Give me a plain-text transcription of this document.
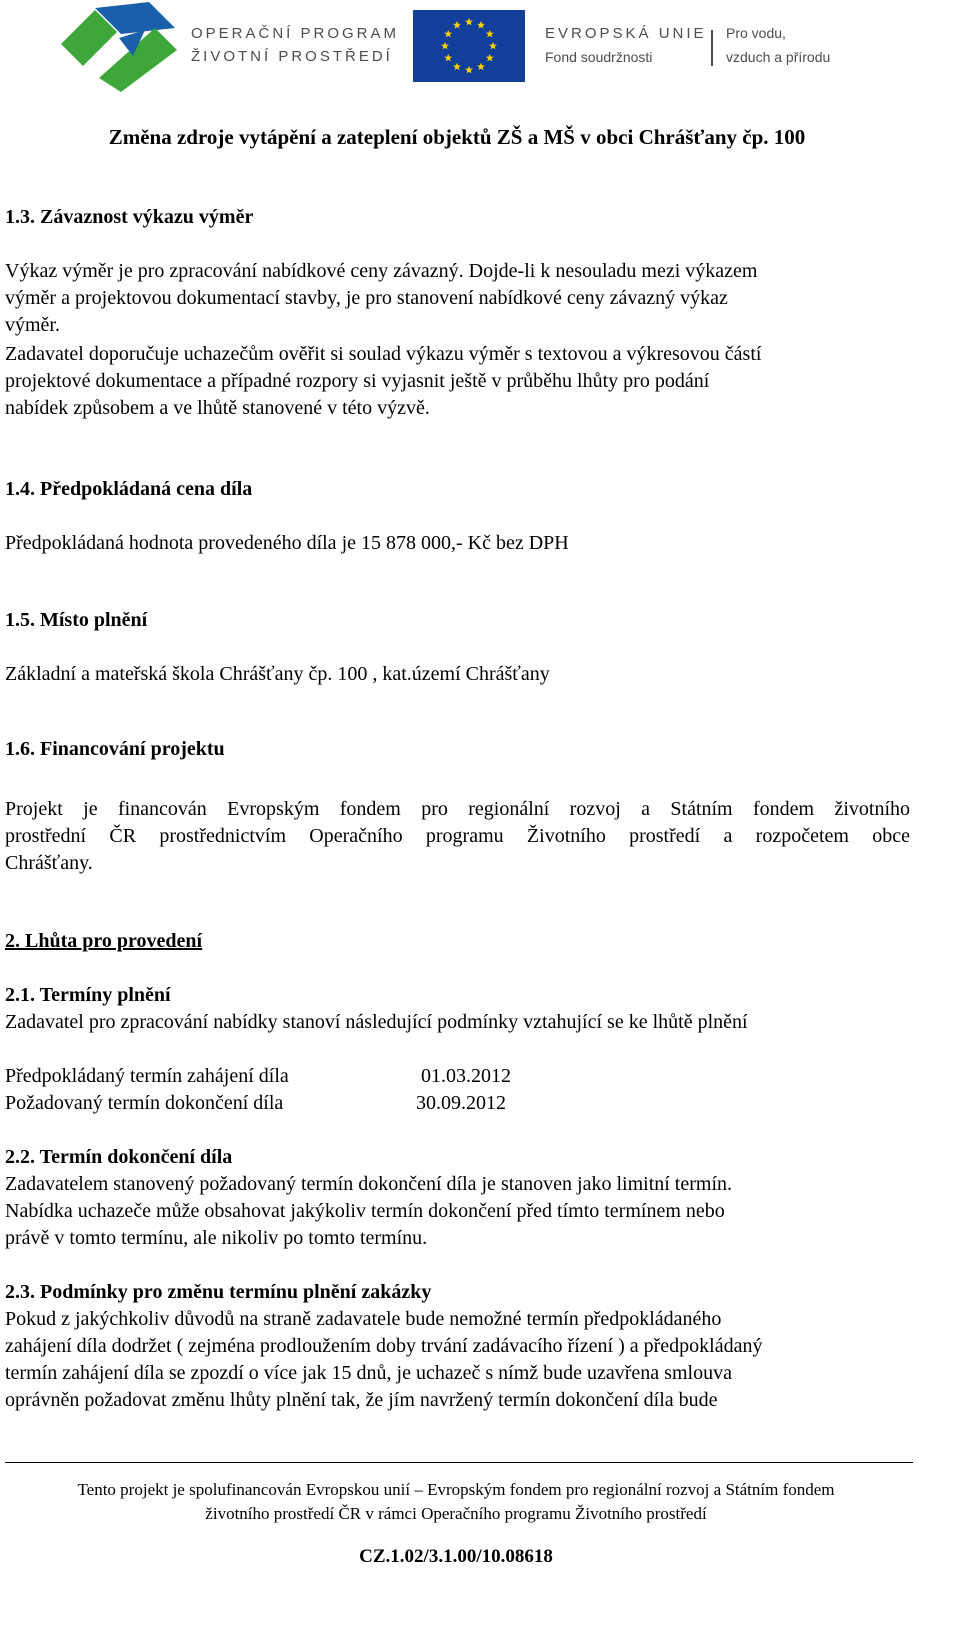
OPERAČNÍ PROGRAM
ŽIVOTNÍ PROSTŘEDÍ
EVROPSKÁ UNIE
Fond soudržnosti
Pro vodu,
vzduch a přírodu
Změna zdroje vytápění a zateplení objektů ZŠ a MŠ v obci Chrášťany čp. 100
1.3. Závaznost výkazu výměr
Výkaz výměr je pro zpracování nabídkové ceny závazný. Dojde-li k nesouladu mezi výkazem
výměr a projektovou dokumentací stavby, je pro stanovení nabídkové ceny závazný výkaz
výměr.
Zadavatel doporučuje uchazečům ověřit si soulad výkazu výměr s textovou a výkresovou částí
projektové dokumentace a případné rozpory si vyjasnit ještě v průběhu lhůty pro podání
nabídek způsobem a ve lhůtě stanovené v této výzvě.
1.4. Předpokládaná cena díla
Předpokládaná hodnota provedeného díla je 15 878 000,- Kč bez DPH
1.5. Místo plnění
Základní a mateřská škola Chrášťany čp. 100 , kat.území Chrášťany
1.6. Financování projektu
Projekt je financován Evropským fondem pro regionální rozvoj a Státním fondem životního
prostřední ČR prostřednictvím Operačního programu Životního prostředí a rozpočetem obce
Chrášťany.
2. Lhůta pro provedení
2.1. Termíny plnění
Zadavatel pro zpracování nabídky stanoví následující podmínky vztahující se ke lhůtě plnění
Předpokládaný termín zahájení díla	01.03.2012
Požadovaný termín dokončení díla	30.09.2012
2.2. Termín dokončení díla
Zadavatelem stanovený požadovaný termín dokončení díla je stanoven jako limitní termín.
Nabídka uchazeče může obsahovat jakýkoliv termín dokončení před tímto termínem nebo
právě v tomto termínu, ale nikoliv po tomto termínu.
2.3. Podmínky pro změnu termínu plnění zakázky
Pokud z jakýchkoliv důvodů na straně zadavatele bude nemožné termín předpokládaného
zahájení díla dodržet ( zejména prodloužením doby trvání zadávacího řízení ) a předpokládaný
termín zahájení díla se zpozdí o více jak 15 dnů, je uchazeč s nímž bude uzavřena smlouva
oprávněn požadovat změnu lhůty plnění tak, že jím navržený termín dokončení díla bude
Tento projekt je spolufinancován Evropskou unií – Evropským fondem pro regionální rozvoj a Státním fondem
životního prostředí ČR v rámci Operačního programu Životního prostředí
CZ.1.02/3.1.00/10.08618
